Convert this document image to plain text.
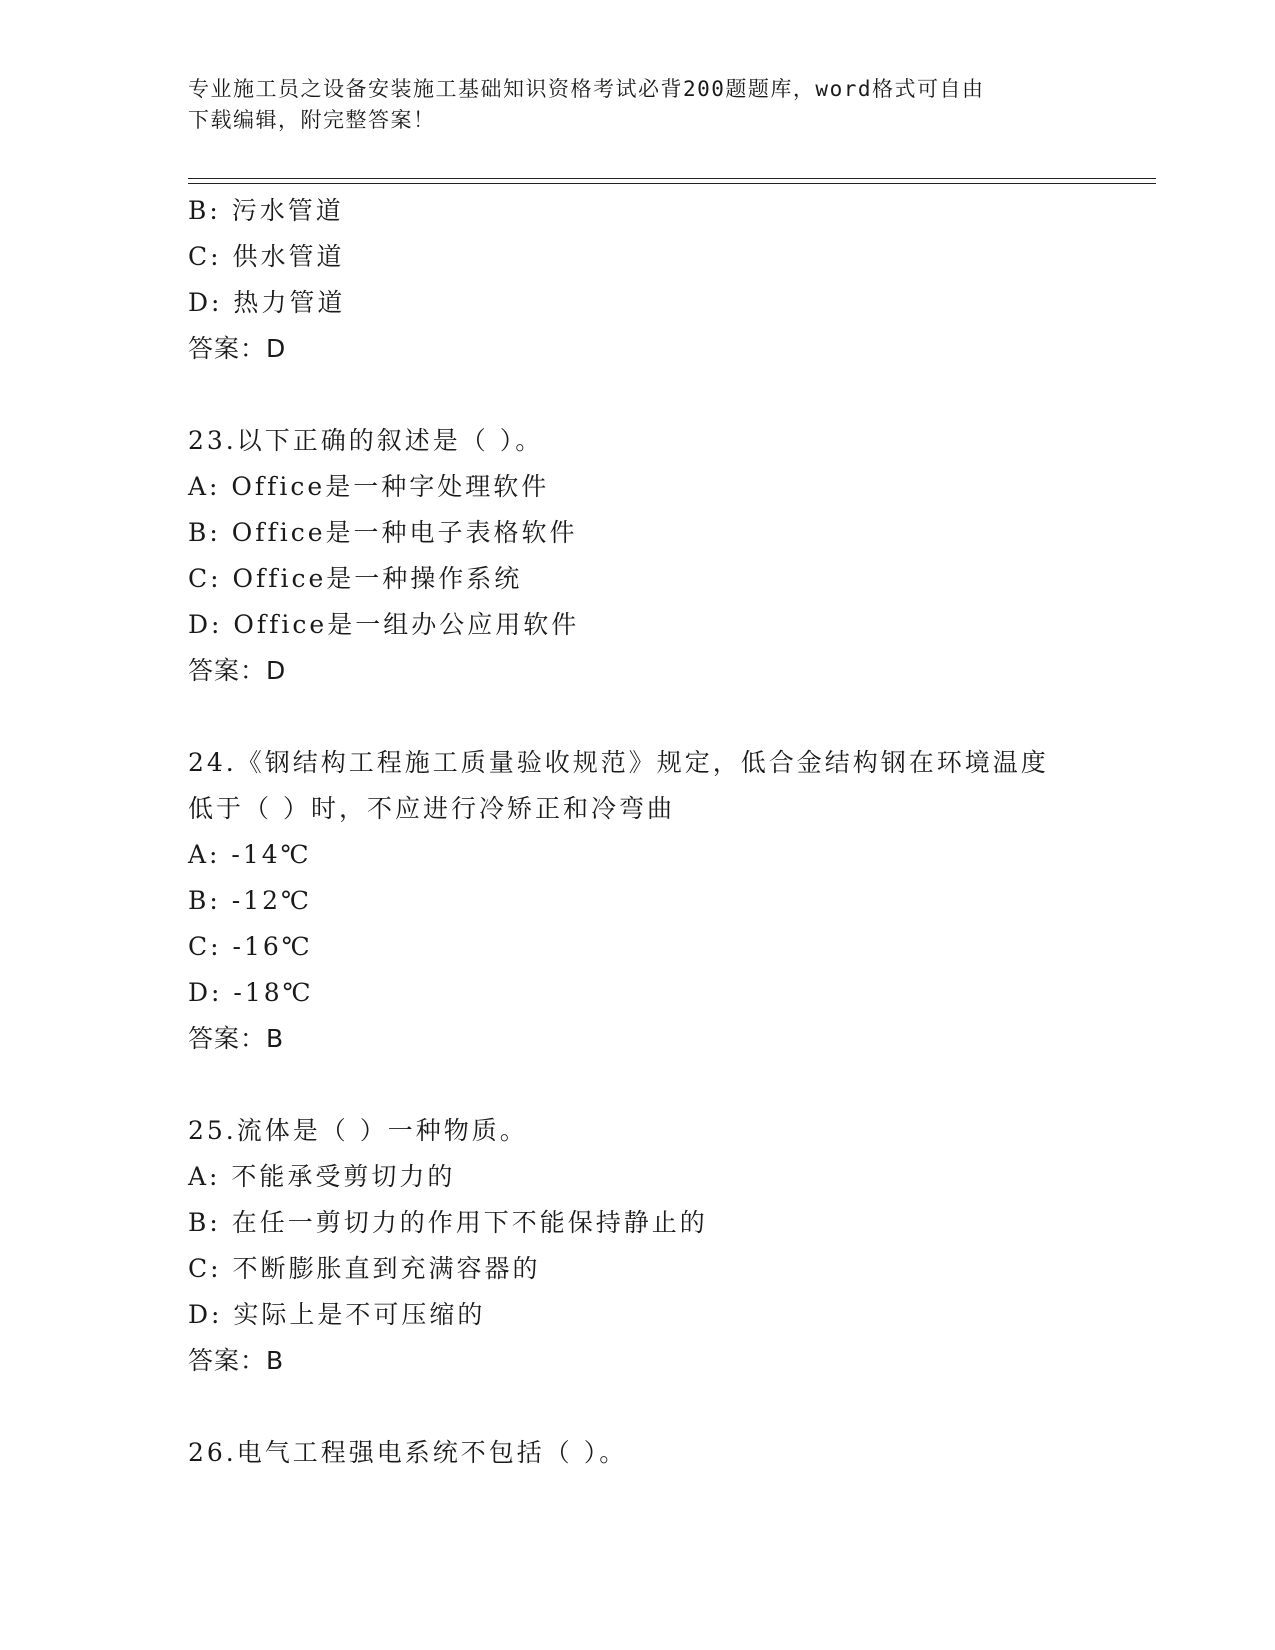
专业施工员之设备安装施工基础知识资格考试必背200题题库，word格式可自由
下载编辑，附完整答案！
B: 污水管道
C: 供水管道
D: 热力管道
答案：D
23.以下正确的叙述是（ ）。
A: Office是一种字处理软件
B: Office是一种电子表格软件
C: Office是一种操作系统
D: Office是一组办公应用软件
答案：D
24.《钢结构工程施工质量验收规范》规定，低合金结构钢在环境温度
低于（ ）时，不应进行冷矫正和冷弯曲
A: -14℃
B: -12℃
C: -16℃
D: -18℃
答案：B
25.流体是（ ）一种物质。
A: 不能承受剪切力的
B: 在任一剪切力的作用下不能保持静止的
C: 不断膨胀直到充满容器的
D: 实际上是不可压缩的
答案：B
26.电气工程强电系统不包括（ ）。
